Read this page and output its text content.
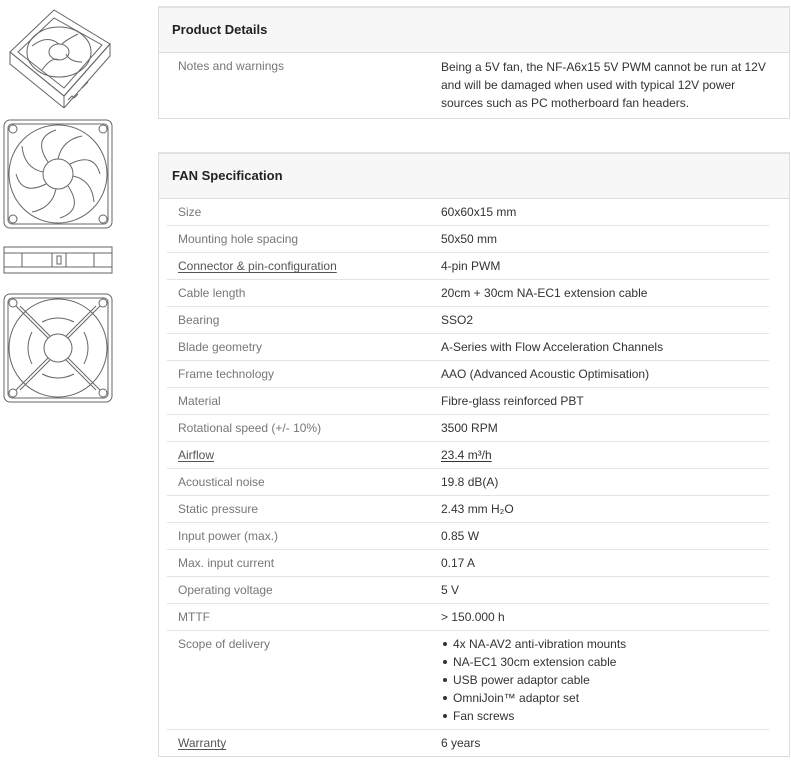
Product Details
Notes and warnings	Being a 5V fan, the NF-A6x15 5V PWM cannot be run at 12V and will be damaged when used with typical 12V power sources such as PC motherboard fan headers.
FAN Specification
Size	60x60x15 mm
Mounting hole spacing	50x50 mm
Connector & pin-configuration	4-pin PWM
Cable length	20cm + 30cm NA-EC1 extension cable
Bearing	SSO2
Blade geometry	A-Series with Flow Acceleration Channels
Frame technology	AAO (Advanced Acoustic Optimisation)
Material	Fibre-glass reinforced PBT
Rotational speed (+/- 10%)	3500 RPM
Airflow	23.4 m³/h
Acoustical noise	19.8 dB(A)
Static pressure	2.43 mm H₂O
Input power (max.)	0.85 W
Max. input current	0.17 A
Operating voltage	5 V
MTTF	> 150.000 h
Scope of delivery	4x NA-AV2 anti-vibration mounts
NA-EC1 30cm extension cable
USB power adaptor cable
OmniJoin™ adaptor set
Fan screws
Warranty	6 years
